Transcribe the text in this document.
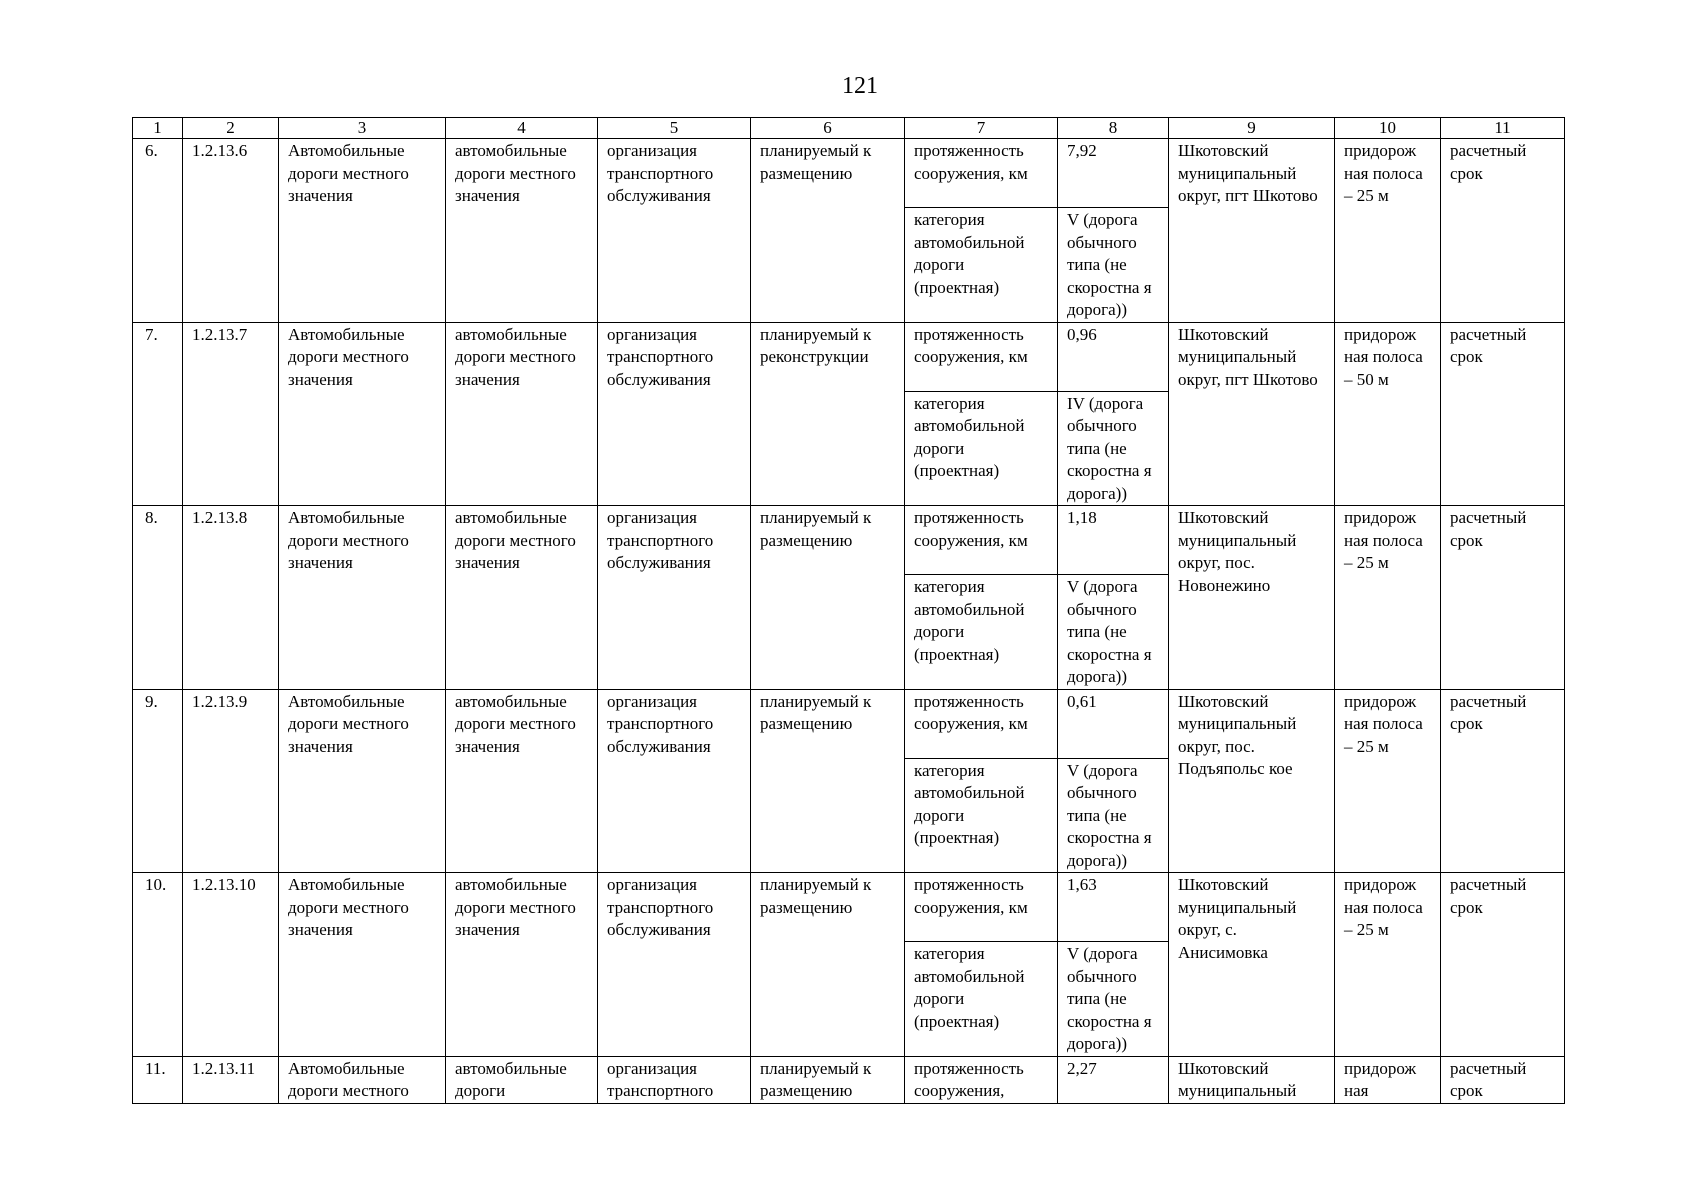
121
1	2	3	4	5	6	7	8	9	10	11
6.	1.2.13.6	Автомобильные дороги местного значения	автомобильные дороги местного значения	организация транспортного обслуживания	планируемый к размещению	протяженность сооружения, км	7,92	Шкотовский муниципальный округ, пгт Шкотово	придорож ная полоса – 25 м	расчетный срок
						категория автомобильной дороги (проектная)	V (дорога обычного типа (не скоростна я дорога))			
7.	1.2.13.7	Автомобильные дороги местного значения	автомобильные дороги местного значения	организация транспортного обслуживания	планируемый к реконструкции	протяженность сооружения, км	0,96	Шкотовский муниципальный округ, пгт Шкотово	придорож ная полоса – 50 м	расчетный срок
						категория автомобильной дороги (проектная)	IV (дорога обычного типа (не скоростна я дорога))			
8.	1.2.13.8	Автомобильные дороги местного значения	автомобильные дороги местного значения	организация транспортного обслуживания	планируемый к размещению	протяженность сооружения, км	1,18	Шкотовский муниципальный округ, пос. Новонежино	придорож ная полоса – 25 м	расчетный срок
						категория автомобильной дороги (проектная)	V (дорога обычного типа (не скоростна я дорога))			
9.	1.2.13.9	Автомобильные дороги местного значения	автомобильные дороги местного значения	организация транспортного обслуживания	планируемый к размещению	протяженность сооружения, км	0,61	Шкотовский муниципальный округ, пос. Подъяпольс кое	придорож ная полоса – 25 м	расчетный срок
						категория автомобильной дороги (проектная)	V (дорога обычного типа (не скоростна я дорога))			
10.	1.2.13.10	Автомобильные дороги местного значения	автомобильные дороги местного значения	организация транспортного обслуживания	планируемый к размещению	протяженность сооружения, км	1,63	Шкотовский муниципальный округ, с. Анисимовка	придорож ная полоса – 25 м	расчетный срок
						категория автомобильной дороги (проектная)	V (дорога обычного типа (не скоростна я дорога))			
11.	1.2.13.11	Автомобильные дороги местного	автомобильные дороги	организация транспортного	планируемый к размещению	протяженность сооружения,	2,27	Шкотовский муниципальный	придорож ная	расчетный срок
